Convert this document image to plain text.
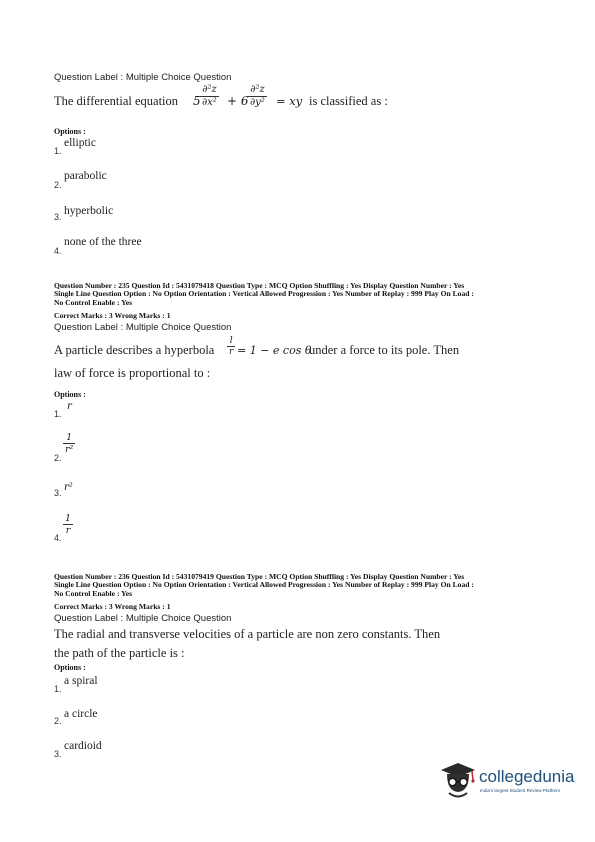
Question Label : Multiple Choice Question
The differential equation $5 \frac{\text{∂²z}}{\text{∂x²}} + 6 \frac{\text{∂²z}}{\text{∂y²}}$ = xy is classified as :
Options :
1.
elliptic
2.
parabolic
3. hyperbolic
4.
none of the three
Question Number : 235 Question Id : 5431079418 Question Type : MCQ Option Shuffling : Yes Display Question Number : Yes
Single Line Question Option : No Option Orientation : Vertical Allowed Progression : Yes Number of Replay : 999 Play On Load :
No Control Enable : Yes
Correct Marks : 3 Wrong Marks : 1
Question Label : Multiple Choice Question
A particle describes a hyperbola $\frac{l}{r} = 1 - e$ cos θ
under a force to its pole. Then
law of force is proportional to :
Options :
1.
r
2.
$\frac{1}{\text{r²}}$
3. r²
4.
$\frac{1}{r}$
Question Number : 236 Question Id : 5431079419 Question Type : MCQ Option Shuffling : Yes Display Question Number : Yes
Single Line Question Option : No Option Orientation : Vertical Allowed Progression : Yes Number of Replay : 999 Play On Load :
No Control Enable : Yes
Correct Marks : 3 Wrong Marks : 1
Question Label : Multiple Choice Question
The radial and transverse velocities of a particle are non zero constants. Then
the path of the particle is :
Options :
1.
a spiral
2.
a circle
3.
cardioid
collegedunia
India's largest Student Review Platform
